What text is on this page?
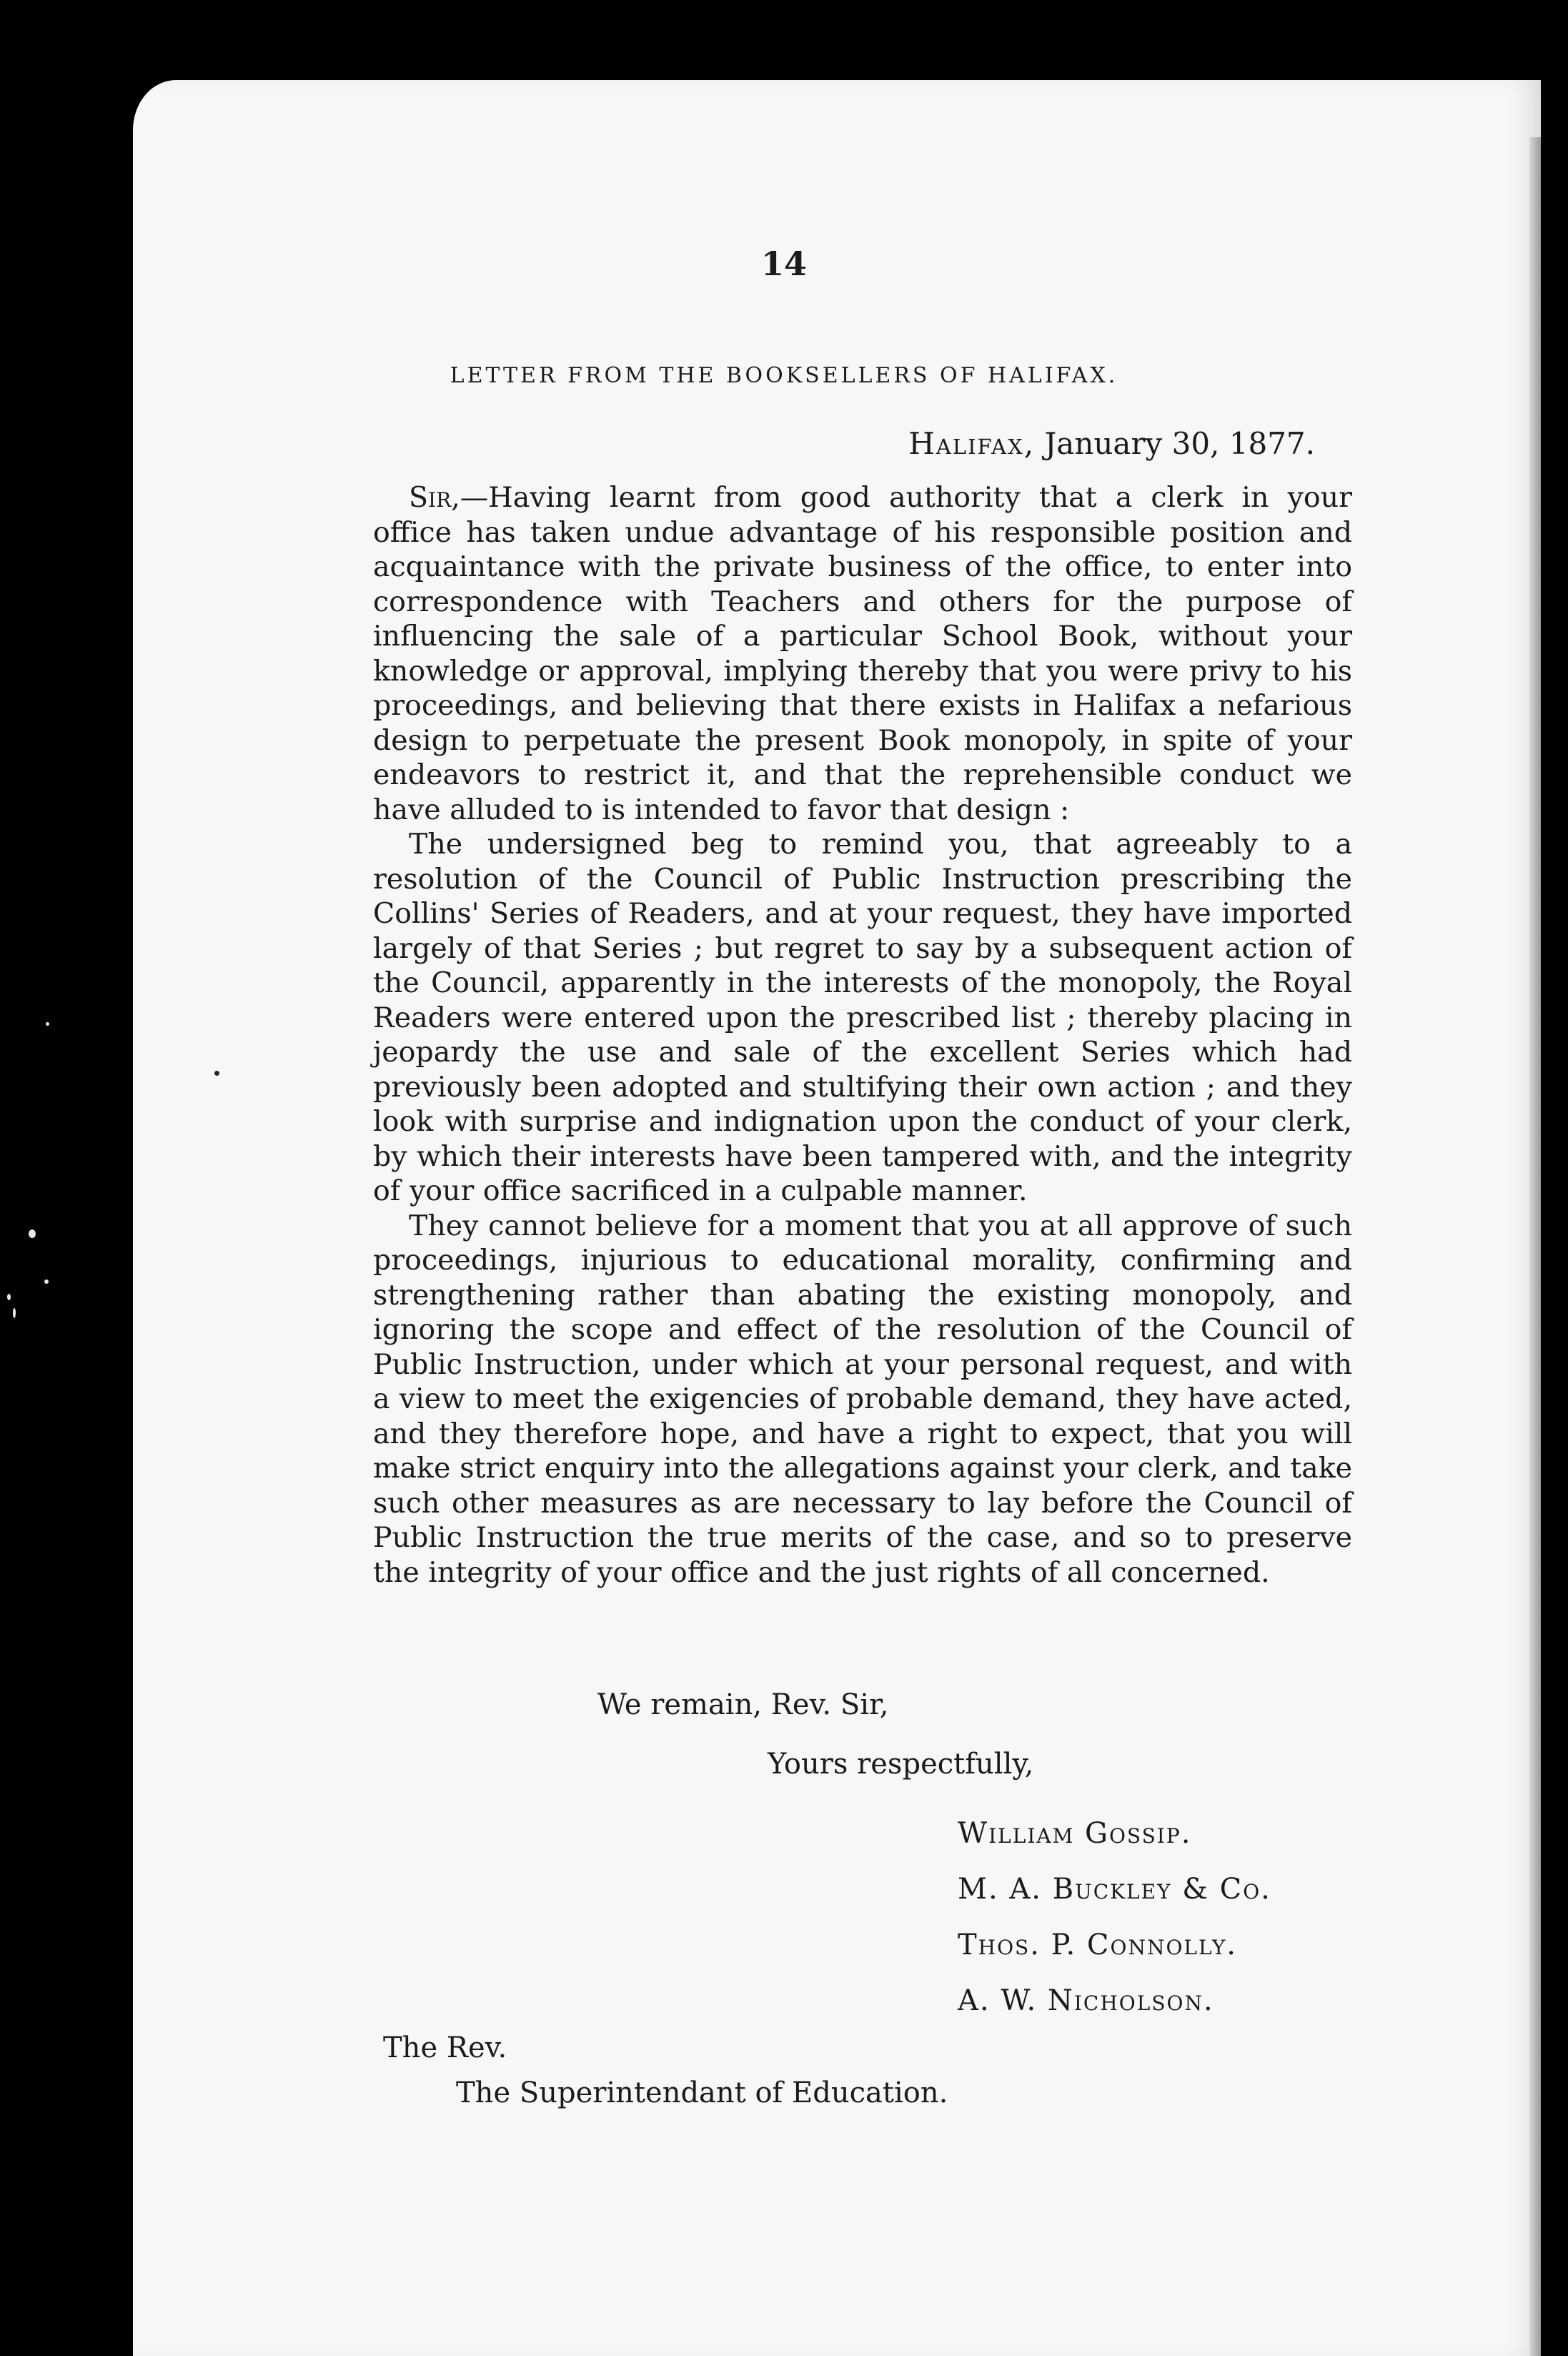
14
LETTER FROM THE BOOKSELLERS OF HALIFAX.
Halifax, January 30, 1877.

Sir,—Having learnt from good authority that a clerk in your office has taken undue advantage of his responsible position and acquaintance with the private business of the office, to enter into correspondence with Teachers and others for the purpose of influencing the sale of a particular School Book, without your knowledge or approval, implying thereby that you were privy to his proceedings, and believing that there exists in Halifax a nefarious design to perpetuate the present Book monopoly, in spite of your endeavors to restrict it, and that the reprehensible conduct we have alluded to is intended to favor that design :

The undersigned beg to remind you, that agreeably to a resolution of the Council of Public Instruction prescribing the Collins' Series of Readers, and at your request, they have imported largely of that Series ; but regret to say by a subsequent action of the Council, apparently in the interests of the monopoly, the Royal Readers were entered upon the prescribed list ; thereby placing in jeopardy the use and sale of the excellent Series which had previously been adopted and stultifying their own action ; and they look with surprise and indignation upon the conduct of your clerk, by which their interests have been tampered with, and the integrity of your office sacrificed in a culpable manner.

They cannot believe for a moment that you at all approve of such proceedings, injurious to educational morality, confirming and strengthening rather than abating the existing monopoly, and ignoring the scope and effect of the resolution of the Council of Public Instruction, under which at your personal request, and with a view to meet the exigencies of probable demand, they have acted, and they therefore hope, and have a right to expect, that you will make strict enquiry into the allegations against your clerk, and take such other measures as are necessary to lay before the Council of Public Instruction the true merits of the case, and so to preserve the integrity of your office and the just rights of all concerned.

We remain, Rev. Sir,
Yours respectfully,
William Gossip.
M. A. Buckley & Co.
Thos. P. Connolly.
A. W. Nicholson.
The Rev.
The Superintendant of Education.
